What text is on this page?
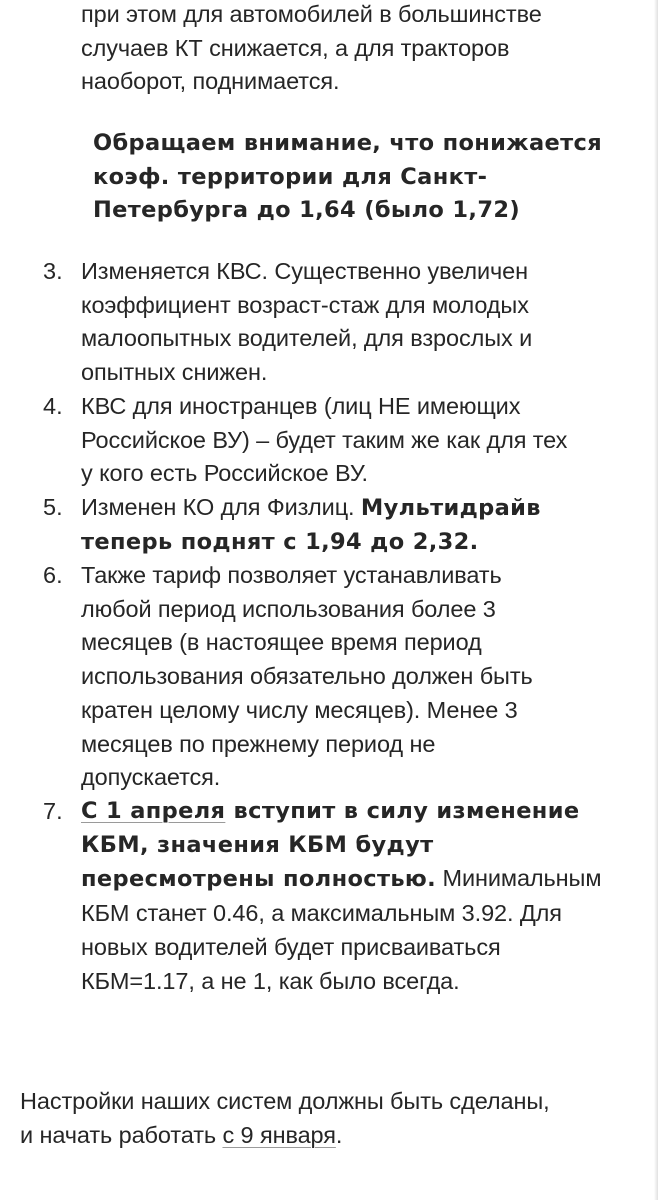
при этом для автомобилей в большинстве
случаев КТ снижается, а для тракторов
наоборот, поднимается.
Обращаем внимание, что понижается
коэф. территории для Санкт-
Петербурга до 1,64 (было 1,72)
3. Изменяется КВС. Существенно увеличен
коэффициент возраст-стаж для молодых
малоопытных водителей, для взрослых и
опытных снижен.
4. КВС для иностранцев (лиц НЕ имеющих
Российское ВУ) – будет таким же как для тех
у кого есть Российское ВУ.
5. Изменен КО для Физлиц. Мультидрайв
теперь поднят с 1,94 до 2,32.
6. Также тариф позволяет устанавливать
любой период использования более 3
месяцев (в настоящее время период
использования обязательно должен быть
кратен целому числу месяцев). Менее 3
месяцев по прежнему период не
допускается.
7. С 1 апреля вступит в силу изменение
КБМ, значения КБМ будут
пересмотрены полностью. Минимальным
КБМ станет 0.46, а максимальным 3.92. Для
новых водителей будет присваиваться
КБМ=1.17, а не 1, как было всегда.
Настройки наших систем должны быть сделаны,
и начать работать с 9 января.
